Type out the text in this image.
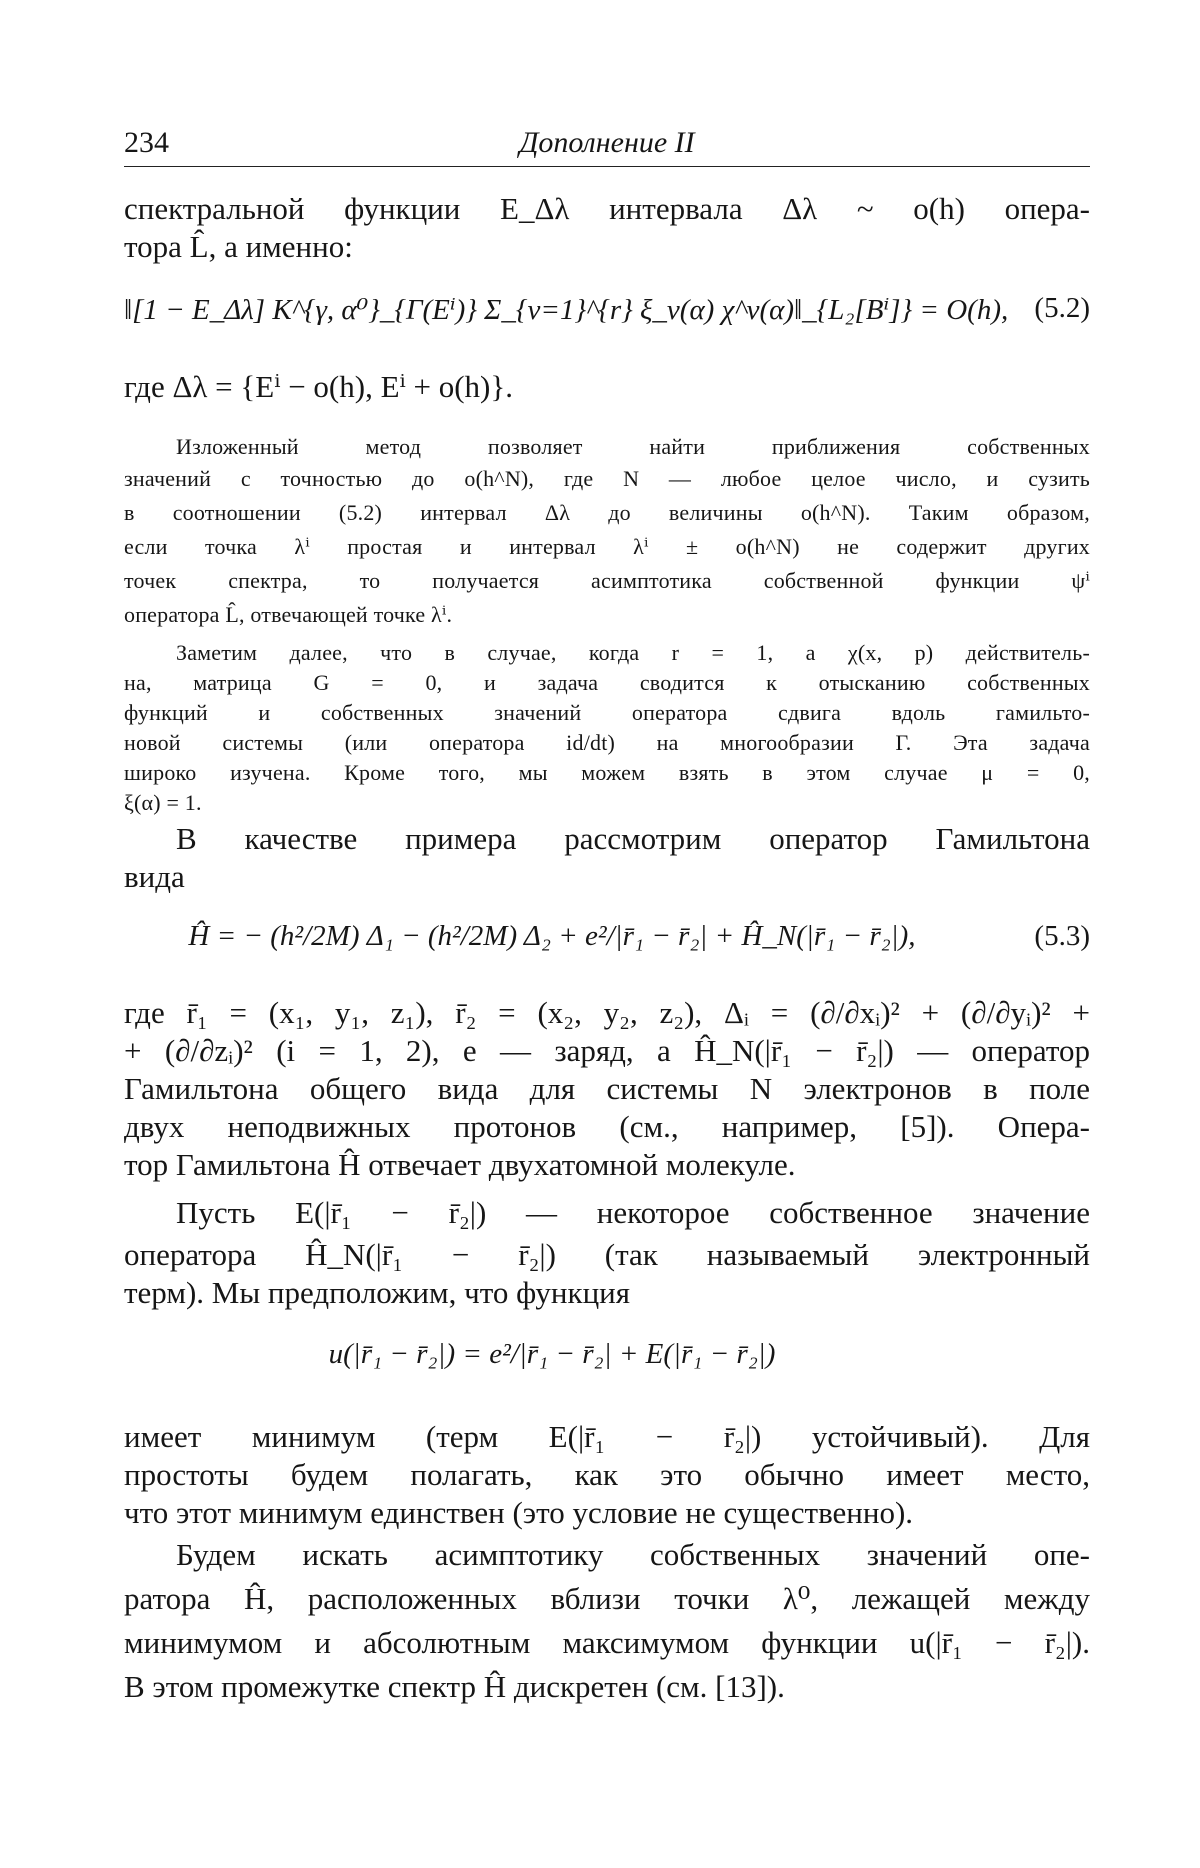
234	Дополнение II
спектральной функции E_Δλ интервала Δλ ~ o(h) опера-
тора L̂, а именно:
‖[1 − E_Δλ] K^{γ, α⁰}_{Γ(Eⁱ)} Σ_{ν=1}^{r} ξ_ν(α) χ^ν(α)‖_{L₂[Bⁱ]} = O(h), (5.2)
где Δλ = {Eⁱ − o(h), Eⁱ + o(h)}.
Изложенный метод позволяет найти приближения собственных
значений с точностью до o(h^N), где N — любое целое число, и сузить
в соотношении (5.2) интервал Δλ до величины o(h^N). Таким образом,
если точка λⁱ простая и интервал λⁱ ± o(h^N) не содержит других
точек спектра, то получается асимптотика собственной функции ψⁱ
оператора L̂, отвечающей точке λⁱ.
Заметим далее, что в случае, когда r = 1, а χ(x, p) действитель-
на, матрица G = 0, и задача сводится к отысканию собственных
функций и собственных значений оператора сдвига вдоль гамильто-
новой системы (или оператора id/dt) на многообразии Γ. Эта задача
широко изучена. Кроме того, мы можем взять в этом случае μ = 0,
ξ(α) = 1.
В качестве примера рассмотрим оператор Гамильтона
вида
Ĥ = − (h²/2M) Δ₁ − (h²/2M) Δ₂ + e²/|r̄₁ − r̄₂| + Ĥ_N(|r̄₁ − r̄₂|),	(5.3)
где r̄₁ = (x₁, y₁, z₁), r̄₂ = (x₂, y₂, z₂), Δᵢ = (∂/∂xᵢ)² + (∂/∂yᵢ)² +
+ (∂/∂zᵢ)² (i = 1, 2), e — заряд, а Ĥ_N(|r̄₁ − r̄₂|) — оператор
Гамильтона общего вида для системы N электронов в поле
двух неподвижных протонов (см., например, [5]). Опера-
тор Гамильтона Ĥ отвечает двухатомной молекуле.
Пусть E(|r̄₁ − r̄₂|) — некоторое собственное значение
оператора Ĥ_N(|r̄₁ − r̄₂|) (так называемый электронный
терм). Мы предположим, что функция
u(|r̄₁ − r̄₂|) = e²/|r̄₁ − r̄₂| + E(|r̄₁ − r̄₂|)
имеет минимум (терм E(|r̄₁ − r̄₂|) устойчивый). Для
простоты будем полагать, как это обычно имеет место,
что этот минимум единствен (это условие не существенно).
Будем искать асимптотику собственных значений опе-
ратора Ĥ, расположенных вблизи точки λ⁰, лежащей между
минимумом и абсолютным максимумом функции u(|r̄₁ − r̄₂|).
В этом промежутке спектр Ĥ дискретен (см. [13]).
